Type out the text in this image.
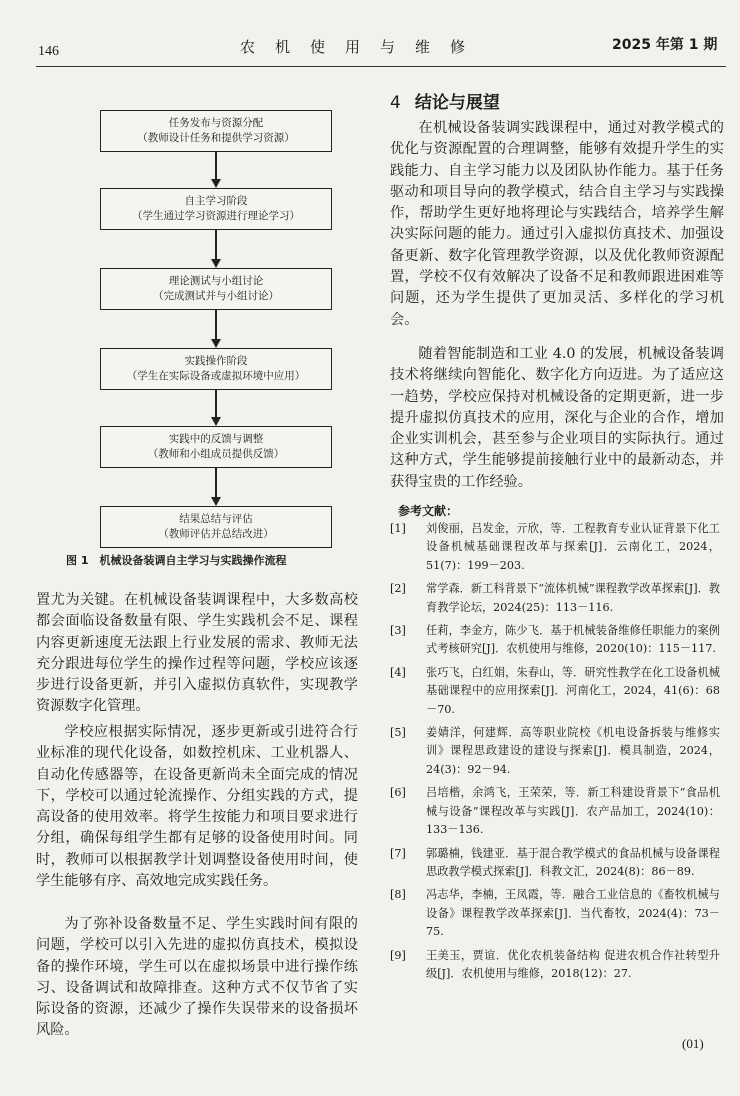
146	农机使用与维修	2025 年第 1 期
任务发布与资源分配
（教师设计任务和提供学习资源）
自主学习阶段
（学生通过学习资源进行理论学习）
理论测试与小组讨论
（完成测试并与小组讨论）
实践操作阶段
（学生在实际设备或虚拟环境中应用）
实践中的反馈与调整
（教师和小组成员提供反馈）
结果总结与评估
（教师评估并总结改进）
图 1　机械设备装调自主学习与实践操作流程

置尤为关键。在机械设备装调课程中，大多数高校都会面临设备数量有限、学生实践机会不足、课程内容更新速度无法跟上行业发展的需求、教师无法充分跟进每位学生的操作过程等问题，学校应该逐步进行设备更新，并引入虚拟仿真软件，实现教学资源数字化管理。

学校应根据实际情况，逐步更新或引进符合行业标准的现代化设备，如数控机床、工业机器人、自动化传感器等，在设备更新尚未全面完成的情况下，学校可以通过轮流操作、分组实践的方式，提高设备的使用效率。将学生按能力和项目要求进行分组，确保每组学生都有足够的设备使用时间。同时，教师可以根据教学计划调整设备使用时间，使学生能够有序、高效地完成实践任务。

为了弥补设备数量不足、学生实践时间有限的问题，学校可以引入先进的虚拟仿真技术，模拟设备的操作环境，学生可以在虚拟场景中进行操作练习、设备调试和故障排查。这种方式不仅节省了实际设备的资源，还减少了操作失误带来的设备损坏风险。

4 结论与展望

在机械设备装调实践课程中，通过对教学模式的优化与资源配置的合理调整，能够有效提升学生的实践能力、自主学习能力以及团队协作能力。基于任务驱动和项目导向的教学模式，结合自主学习与实践操作，帮助学生更好地将理论与实践结合，培养学生解决实际问题的能力。通过引入虚拟仿真技术、加强设备更新、数字化管理教学资源，以及优化教师资源配置，学校不仅有效解决了设备不足和教师跟进困难等问题，还为学生提供了更加灵活、多样化的学习机会。

随着智能制造和工业 4.0 的发展，机械设备装调技术将继续向智能化、数字化方向迈进。为了适应这一趋势，学校应保持对机械设备的定期更新，进一步提升虚拟仿真技术的应用，深化与企业的合作，增加企业实训机会，甚至参与企业项目的实际执行。通过这种方式，学生能够提前接触行业中的最新动态，并获得宝贵的工作经验。

参考文献：
[1] 刘俊丽，吕发金，亓欣，等．工程教育专业认证背景下化工设备机械基础课程改革与探索[J]．云南化工，2024，51(7)：199－203.
[2] 常学森．新工科背景下“流体机械”课程教学改革探索[J]．教育教学论坛，2024(25)：113－116.
[3] 任莉，李金方，陈少飞．基于机械装备维修任职能力的案例式考核研究[J]．农机使用与维修，2020(10)：115－117.
[4] 张巧飞，白红娟，朱春山，等．研究性教学在化工设备机械基础课程中的应用探索[J]．河南化工，2024，41(6)：68－70.
[5] 姜婧洋，何建辉．高等职业院校《机电设备拆装与维修实训》课程思政建设的建设与探索[J]．模具制造，2024，24(3)：92－94.
[6] 吕培楷，余鸿飞，王荣荣，等．新工科建设背景下“食品机械与设备”课程改革与实践[J]．农产品加工，2024(10)：133－136.
[7] 郭璐楠，钱建亚．基于混合教学模式的食品机械与设备课程思政教学模式探索[J]．科教文汇，2024(8)：86－89.
[8] 冯志华，李楠，王凤霞，等．融合工业信息的《畜牧机械与设备》课程教学改革探索[J]．当代畜牧，2024(4)：73－75.
[9] 王美玉，贾谊．优化农机装备结构 促进农机合作社转型升级[J]．农机使用与维修，2018(12)：27.
(01)
